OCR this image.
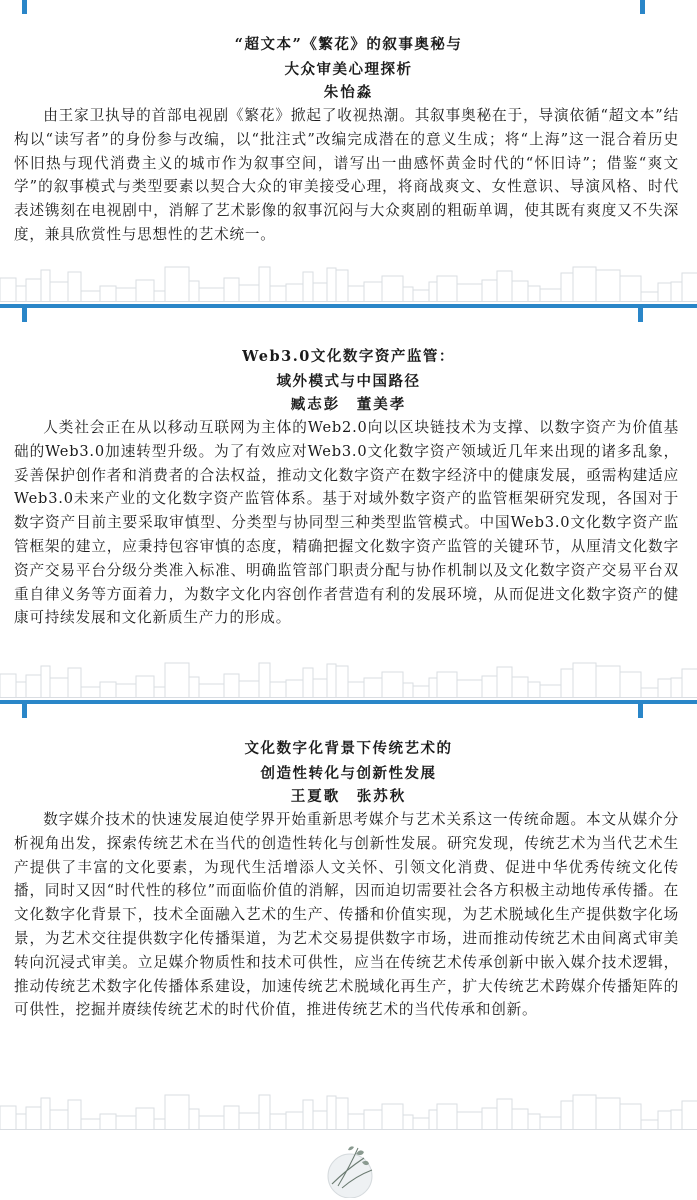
“超文本”《繁花》的叙事奥秘与

大众审美心理探析

朱怡淼

由王家卫执导的首部电视剧《繁花》掀起了收视热潮。其叙事奥秘在于，导演依循“超文本”结构以“读写者”的身份参与改编，以“批注式”改编完成潜在的意义生成；将“上海”这一混合着历史怀旧热与现代消费主义的城市作为叙事空间，谱写出一曲感怀黄金时代的“怀旧诗”；借鉴“爽文学”的叙事模式与类型要素以契合大众的审美接受心理，将商战爽文、女性意识、导演风格、时代表述镌刻在电视剧中，消解了艺术影像的叙事沉闷与大众爽剧的粗砺单调，使其既有爽度又不失深度，兼具欣赏性与思想性的艺术统一。

Web3.0文化数字资产监管：

域外模式与中国路径

臧志彭　董美孝

人类社会正在从以移动互联网为主体的Web2.0向以区块链技术为支撑、以数字资产为价值基础的Web3.0加速转型升级。为了有效应对Web3.0文化数字资产领域近几年来出现的诸多乱象，妥善保护创作者和消费者的合法权益，推动文化数字资产在数字经济中的健康发展，亟需构建适应Web3.0未来产业的文化数字资产监管体系。基于对域外数字资产的监管框架研究发现，各国对于数字资产目前主要采取审慎型、分类型与协同型三种类型监管模式。中国Web3.0文化数字资产监管框架的建立，应秉持包容审慎的态度，精确把握文化数字资产监管的关键环节，从厘清文化数字资产交易平台分级分类准入标准、明确监管部门职责分配与协作机制以及文化数字资产交易平台双重自律义务等方面着力，为数字文化内容创作者营造有利的发展环境，从而促进文化数字资产的健康可持续发展和文化新质生产力的形成。

文化数字化背景下传统艺术的

创造性转化与创新性发展

王夏歌　张苏秋

数字媒介技术的快速发展迫使学界开始重新思考媒介与艺术关系这一传统命题。本文从媒介分析视角出发，探索传统艺术在当代的创造性转化与创新性发展。研究发现，传统艺术为当代艺术生产提供了丰富的文化要素，为现代生活增添人文关怀、引领文化消费、促进中华优秀传统文化传播，同时又因“时代性的移位”而面临价值的消解，因而迫切需要社会各方积极主动地传承传播。在文化数字化背景下，技术全面融入艺术的生产、传播和价值实现，为艺术脱域化生产提供数字化场景，为艺术交往提供数字化传播渠道，为艺术交易提供数字市场，进而推动传统艺术由间离式审美转向沉浸式审美。立足媒介物质性和技术可供性，应当在传统艺术传承创新中嵌入媒介技术逻辑，推动传统艺术数字化传播体系建设，加速传统艺术脱域化再生产，扩大传统艺术跨媒介传播矩阵的可供性，挖掘并赓续传统艺术的时代价值，推进传统艺术的当代传承和创新。
